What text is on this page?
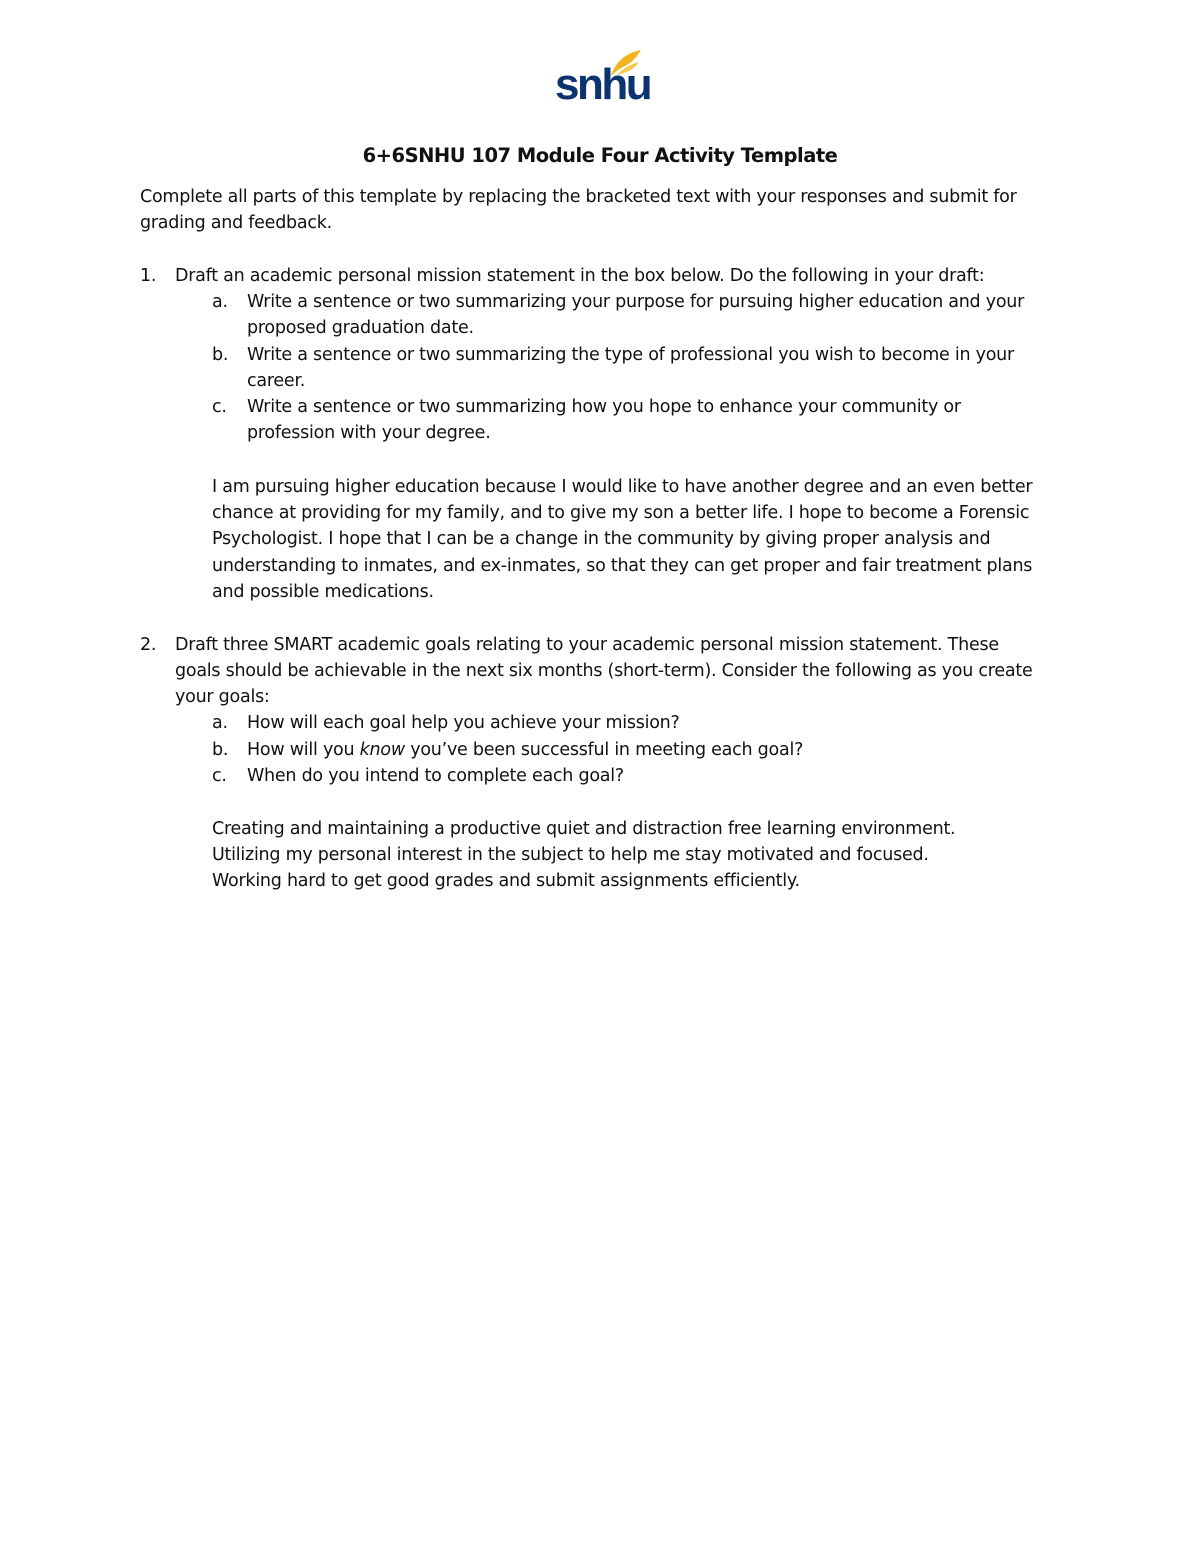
snhu
6+6SNHU 107 Module Four Activity Template
Complete all parts of this template by replacing the bracketed text with your responses and submit for
grading and feedback.
1. Draft an academic personal mission statement in the box below. Do the following in your draft:
a. Write a sentence or two summarizing your purpose for pursuing higher education and your
proposed graduation date.
b. Write a sentence or two summarizing the type of professional you wish to become in your
career.
c. Write a sentence or two summarizing how you hope to enhance your community or
profession with your degree.
I am pursuing higher education because I would like to have another degree and an even better
chance at providing for my family, and to give my son a better life. I hope to become a Forensic
Psychologist. I hope that I can be a change in the community by giving proper analysis and
understanding to inmates, and ex-inmates, so that they can get proper and fair treatment plans
and possible medications.
2. Draft three SMART academic goals relating to your academic personal mission statement. These
goals should be achievable in the next six months (short-term). Consider the following as you create
your goals:
a. How will each goal help you achieve your mission?
b. How will you know you’ve been successful in meeting each goal?
c. When do you intend to complete each goal?
Creating and maintaining a productive quiet and distraction free learning environment.
Utilizing my personal interest in the subject to help me stay motivated and focused.
Working hard to get good grades and submit assignments efficiently.
